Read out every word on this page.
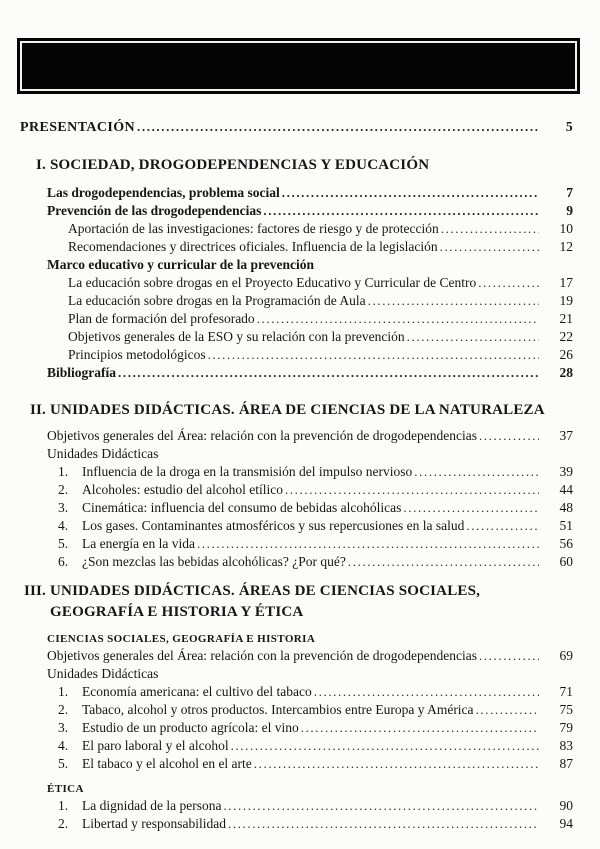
PRESENTACIÓN .....	5
I. SOCIEDAD, DROGODEPENDENCIAS Y EDUCACIÓN
Las drogodependencias, problema social .....	7
Prevención de las drogodependencias .....	9
Aportación de las investigaciones: factores de riesgo y de protección .....	10
Recomendaciones y directrices oficiales. Influencia de la legislación .....	12
Marco educativo y curricular de la prevención
La educación sobre drogas en el Proyecto Educativo y Curricular de Centro .....	17
La educación sobre drogas en la Programación de Aula .....	19
Plan de formación del profesorado .....	21
Objetivos generales de la ESO y su relación con la prevención .....	22
Principios metodológicos .....	26
Bibliografía .....	28
II. UNIDADES DIDÁCTICAS. ÁREA DE CIENCIAS DE LA NATURALEZA
Objetivos generales del Área: relación con la prevención de drogodependencias .....	37
Unidades Didácticas
1.	Influencia de la droga en la transmisión del impulso nervioso .....	39
2.	Alcoholes: estudio del alcohol etílico .....	44
3.	Cinemática: influencia del consumo de bebidas alcohólicas .....	48
4.	Los gases. Contaminantes atmosféricos y sus repercusiones en la salud .....	51
5.	La energía en la vida .....	56
6.	¿Son mezclas las bebidas alcohólicas? ¿Por qué? .....	60
III. UNIDADES DIDÁCTICAS. ÁREAS DE CIENCIAS SOCIALES,
GEOGRAFÍA E HISTORIA Y ÉTICA
CIENCIAS SOCIALES, GEOGRAFÍA E HISTORIA
Objetivos generales del Área: relación con la prevención de drogodependencias .....	69
Unidades Didácticas
1.	Economía americana: el cultivo del tabaco .....	71
2.	Tabaco, alcohol y otros productos. Intercambios entre Europa y América .....	75
3.	Estudio de un producto agrícola: el vino .....	79
4.	El paro laboral y el alcohol .....	83
5.	El tabaco y el alcohol en el arte .....	87
ÉTICA
1.	La dignidad de la persona .....	90
2.	Libertad y responsabilidad .....	94
